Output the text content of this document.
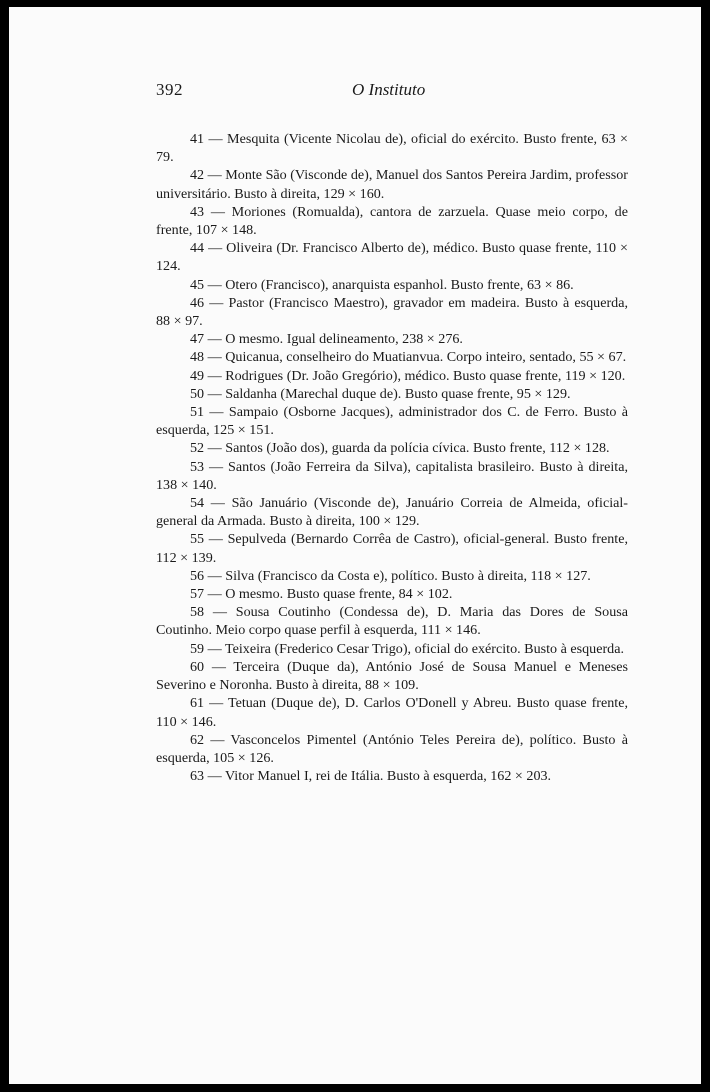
392	O Instituto

41 — Mesquita (Vicente Nicolau de), oficial do exército. Busto frente, 63 × 79.

42 — Monte São (Visconde de), Manuel dos Santos Pereira Jardim, professor universitário. Busto à direita, 129 × 160.

43 — Moriones (Romualda), cantora de zarzuela. Quase meio corpo, de frente, 107 × 148.

44 — Oliveira (Dr. Francisco Alberto de), médico. Busto quase frente, 110 × 124.

45 — Otero (Francisco), anarquista espanhol. Busto frente, 63 × 86.

46 — Pastor (Francisco Maestro), gravador em madeira. Busto à esquerda, 88 × 97.

47 — O mesmo. Igual delineamento, 238 × 276.

48 — Quicanua, conselheiro do Muatianvua. Corpo inteiro, sentado, 55 × 67.

49 — Rodrigues (Dr. João Gregório), médico. Busto quase frente, 119 × 120.

50 — Saldanha (Marechal duque de). Busto quase frente, 95 × 129.

51 — Sampaio (Osborne Jacques), administrador dos C. de Ferro. Busto à esquerda, 125 × 151.

52 — Santos (João dos), guarda da polícia cívica. Busto frente, 112 × 128.

53 — Santos (João Ferreira da Silva), capitalista brasileiro. Busto à direita, 138 × 140.

54 — São Januário (Visconde de), Januário Correia de Almeida, oficial-general da Armada. Busto à direita, 100 × 129.

55 — Sepulveda (Bernardo Corrêa de Castro), oficial-general. Busto frente, 112 × 139.

56 — Silva (Francisco da Costa e), político. Busto à direita, 118 × 127.

57 — O mesmo. Busto quase frente, 84 × 102.

58 — Sousa Coutinho (Condessa de), D. Maria das Dores de Sousa Coutinho. Meio corpo quase perfil à esquerda, 111 × 146.

59 — Teixeira (Frederico Cesar Trigo), oficial do exército. Busto à esquerda.

60 — Terceira (Duque da), António José de Sousa Manuel e Meneses Severino e Noronha. Busto à direita, 88 × 109.

61 — Tetuan (Duque de), D. Carlos O'Donell y Abreu. Busto quase frente, 110 × 146.

62 — Vasconcelos Pimentel (António Teles Pereira de), político. Busto à esquerda, 105 × 126.

63 — Vitor Manuel I, rei de Itália. Busto à esquerda, 162 × 203.
